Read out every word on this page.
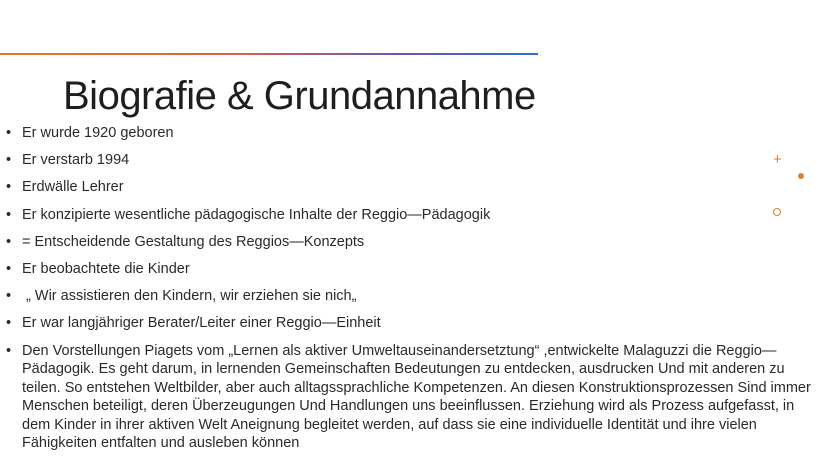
Biografie & Grundannahme
• Er wurde 1920 geboren
• Er verstarb 1994
• Erdwälle Lehrer
• Er konzipierte wesentliche pädagogische Inhalte der Reggio—Pädagogik
• = Entscheidende Gestaltung des Reggios—Konzepts
• Er beobachtete die Kinder
• „ Wir assistieren den Kindern, wir erziehen sie nich„
• Er war langjähriger Berater/Leiter einer Reggio—Einheit
• Den Vorstellungen Piagets vom „Lernen als aktiver Umweltauseinandersetztung“ ,entwickelte Malaguzzi die Reggio—Pädagogik. Es geht darum, in lernenden Gemeinschaften Bedeutungen zu entdecken, ausdrucken Und mit anderen zu teilen. So entstehen Weltbilder, aber auch alltagssprachliche Kompetenzen. An diesen Konstruktionsprozessen Sind immer Menschen beteiligt, deren Überzeugungen Und Handlungen uns beeinflussen. Erziehung wird als Prozess aufgefasst, in dem Kinder in ihrer aktiven Welt Aneignung begleitet werden, auf dass sie eine individuelle Identität und ihre vielen Fähigkeiten entfalten und ausleben können
+
